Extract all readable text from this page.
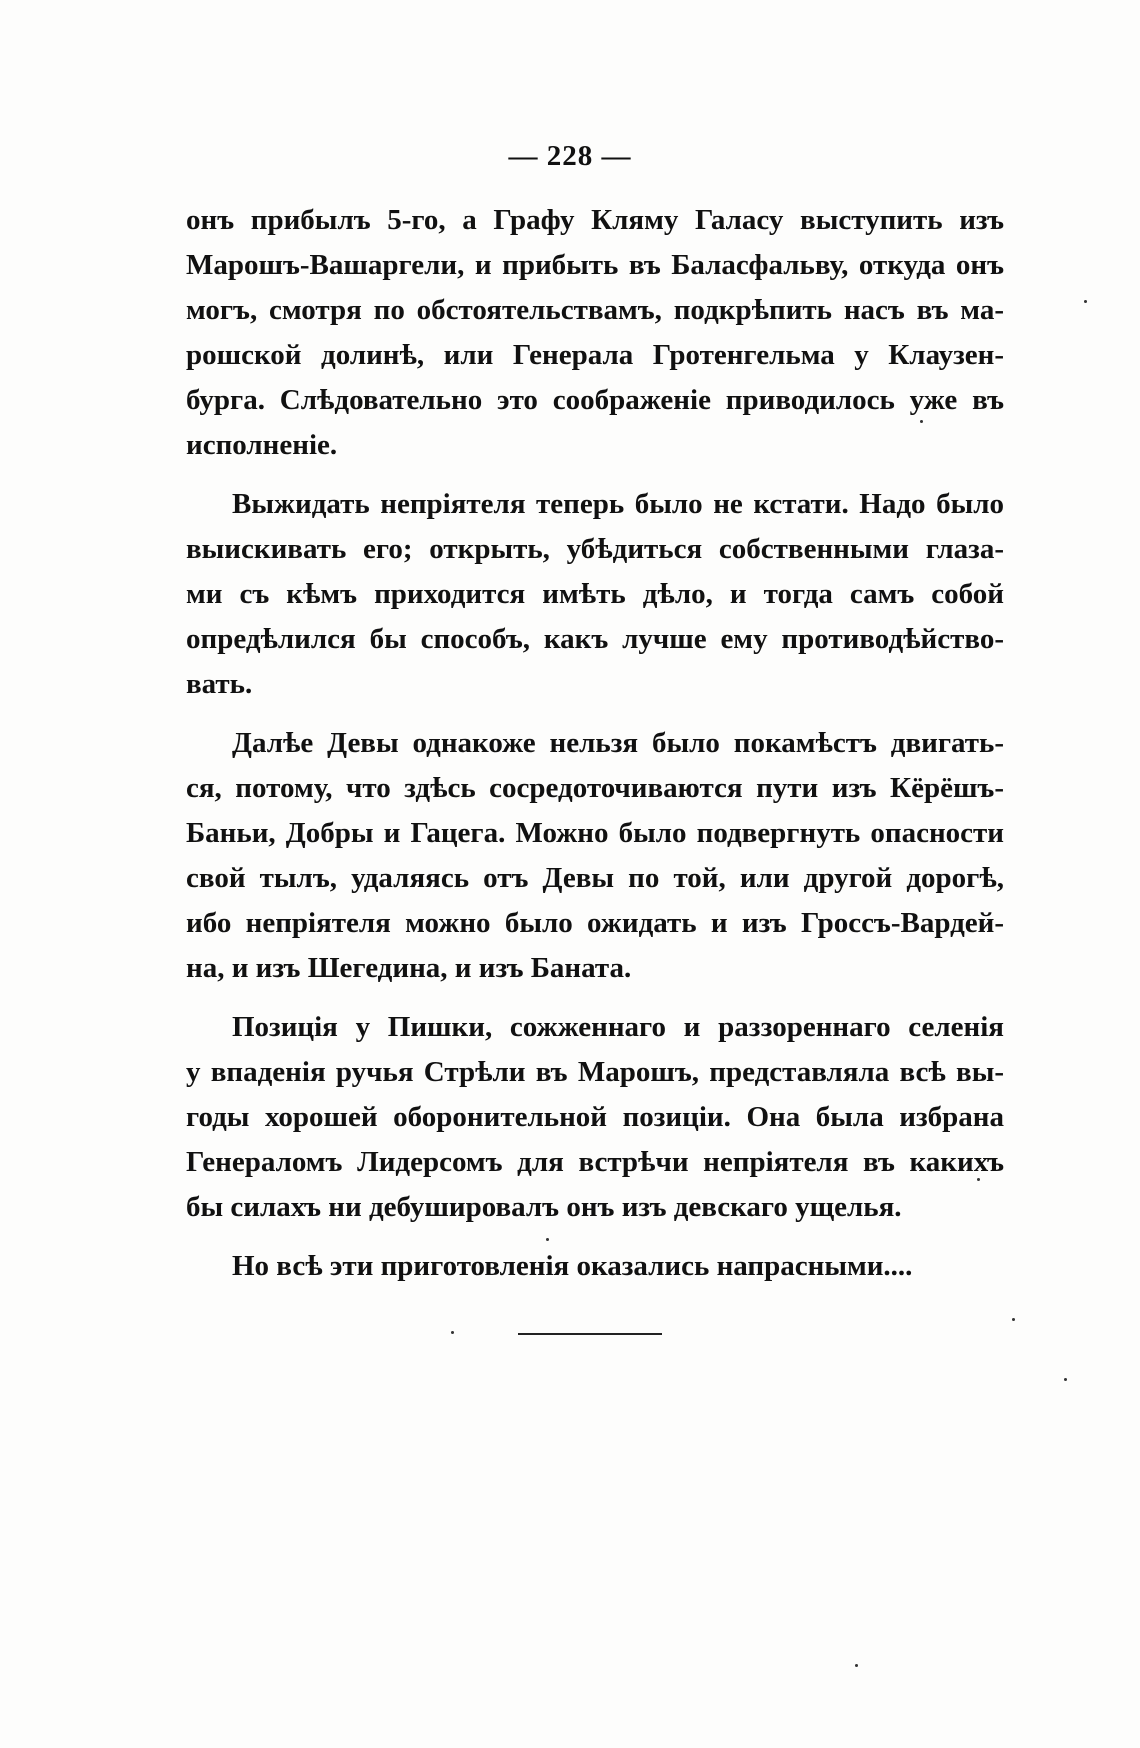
— 228 —
онъ прибылъ 5-го, а Графу Кляму Галасу выступить изъ
Марошъ-Вашаргели, и прибыть въ Баласфальву, откуда онъ
могъ, смотря по обстоятельствамъ, подкрѣпить насъ въ ма-
рошской долинѣ, или Генерала Гротенгельма у Клаузен-
бурга. Слѣдовательно это соображеніе приводилось уже въ
исполненіе.
Выжидать непріятеля теперь было не кстати. Надо было
выискивать его; открыть, убѣдиться собственными глаза-
ми съ кѣмъ приходится имѣть дѣло, и тогда самъ собой
опредѣлился бы способъ, какъ лучше ему противодѣйство-
вать.
Далѣе Девы однакоже нельзя было покамѣстъ двигать-
ся, потому, что здѣсь сосредоточиваются пути изъ Кёрёшъ-
Баньи, Добры и Гацега. Можно было подвергнуть опасности
свой тылъ, удаляясь отъ Девы по той, или другой дорогѣ,
ибо непріятеля можно было ожидать и изъ Гроссъ-Вардей-
на, и изъ Шегедина, и изъ Баната.
Позиція у Пишки, сожженнаго и раззореннаго селенія
у впаденія ручья Стрѣли въ Марошъ, представляла всѣ вы-
годы хорошей оборонительной позиціи. Она была избрана
Генераломъ Лидерсомъ для встрѣчи непріятеля въ какихъ
бы силахъ ни дебушировалъ онъ изъ девскаго ущелья.
Но всѣ эти приготовленія оказались напрасными....
